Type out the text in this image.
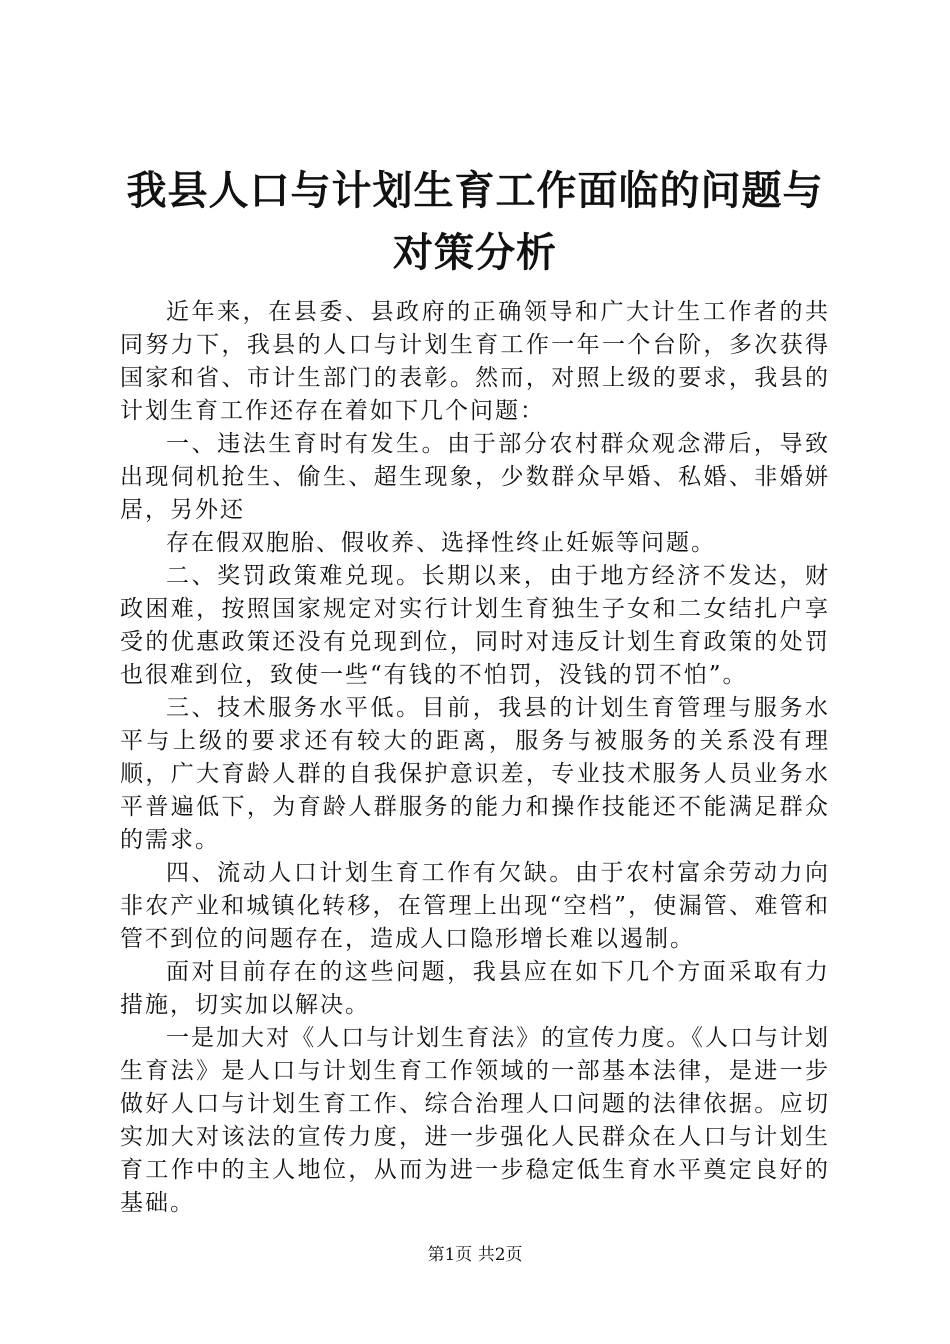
我县人口与计划生育工作面临的问题与对策分析

近年来，在县委、县政府的正确领导和广大计生工作者的共同努力下，我县的人口与计划生育工作一年一个台阶，多次获得国家和省、市计生部门的表彰。然而，对照上级的要求，我县的计划生育工作还存在着如下几个问题：

一、违法生育时有发生。由于部分农村群众观念滞后，导致出现伺机抢生、偷生、超生现象，少数群众早婚、私婚、非婚姘居，另外还

存在假双胞胎、假收养、选择性终止妊娠等问题。

二、奖罚政策难兑现。长期以来，由于地方经济不发达，财政困难，按照国家规定对实行计划生育独生子女和二女结扎户享受的优惠政策还没有兑现到位，同时对违反计划生育政策的处罚也很难到位，致使一些“有钱的不怕罚，没钱的罚不怕”。

三、技术服务水平低。目前，我县的计划生育管理与服务水平与上级的要求还有较大的距离，服务与被服务的关系没有理顺，广大育龄人群的自我保护意识差，专业技术服务人员业务水平普遍低下，为育龄人群服务的能力和操作技能还不能满足群众的需求。

四、流动人口计划生育工作有欠缺。由于农村富余劳动力向非农产业和城镇化转移，在管理上出现“空档”，使漏管、难管和管不到位的问题存在，造成人口隐形增长难以遏制。

面对目前存在的这些问题，我县应在如下几个方面采取有力措施，切实加以解决。

一是加大对《人口与计划生育法》的宣传力度。《人口与计划生育法》是人口与计划生育工作领域的一部基本法律，是进一步做好人口与计划生育工作、综合治理人口问题的法律依据。应切实加大对该法的宣传力度，进一步强化人民群众在人口与计划生育工作中的主人地位，从而为进一步稳定低生育水平奠定良好的基础。

第1页 共2页
